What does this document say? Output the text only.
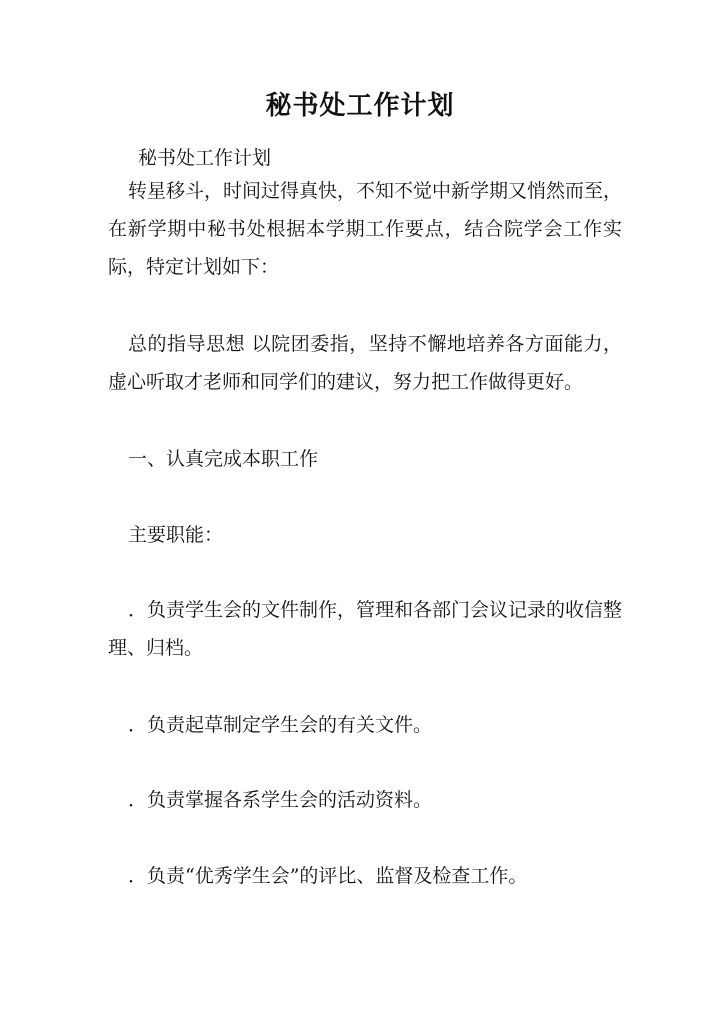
秘书处工作计划

秘书处工作计划

转星移斗，时间过得真快，不知不觉中新学期又悄然而至，在新学期中秘书处根据本学期工作要点，结合院学会工作实际，特定计划如下：

总的指导思想 以院团委指，坚持不懈地培养各方面能力，虚心听取才老师和同学们的建议，努力把工作做得更好。

一、认真完成本职工作

主要职能：

．负责学生会的文件制作，管理和各部门会议记录的收信整理、归档。

．负责起草制定学生会的有关文件。

．负责掌握各系学生会的活动资料。

．负责“优秀学生会”的评比、监督及检查工作。
